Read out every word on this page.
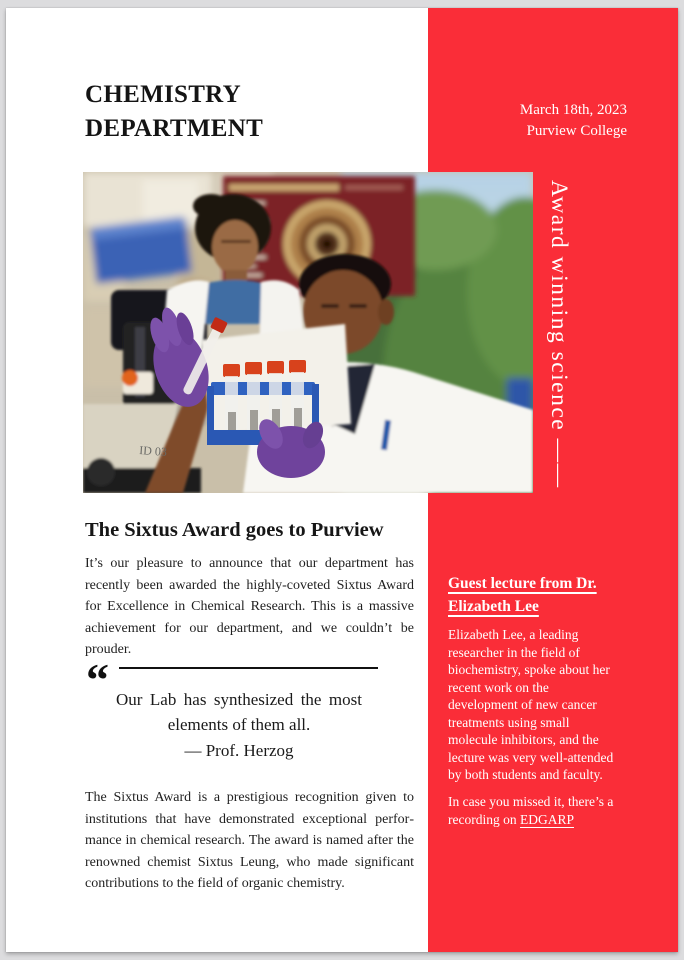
CHEMISTRY
DEPARTMENT
March 18th, 2023
Purview College
ID 03	Award winning science ——
The Sixtus Award goes to Purview
It’s our pleasure to announce that our department has recently been awarded the highly-coveted Sixtus Award for Excellence in Chemical Research. This is a massive achievement for our department, and we couldn’t be prouder.
“ Our Lab has synthesized the most elements of them all.
— Prof. Herzog
The Sixtus Award is a prestigious recognition given to institutions that have demonstrated exceptional performance in chemical research. The award is named after the renowned chemist Sixtus Leung, who made significant contributions to the field of organic chemistry.
Guest lecture from Dr. Elizabeth Lee
Elizabeth Lee, a leading
researcher in the field of
biochemistry, spoke about her
recent work on the
development of new cancer
treatments using small
molecule inhibitors, and the
lecture was very well-attended
by both students and faculty.
In case you missed it, there’s a recording on EDGARP
